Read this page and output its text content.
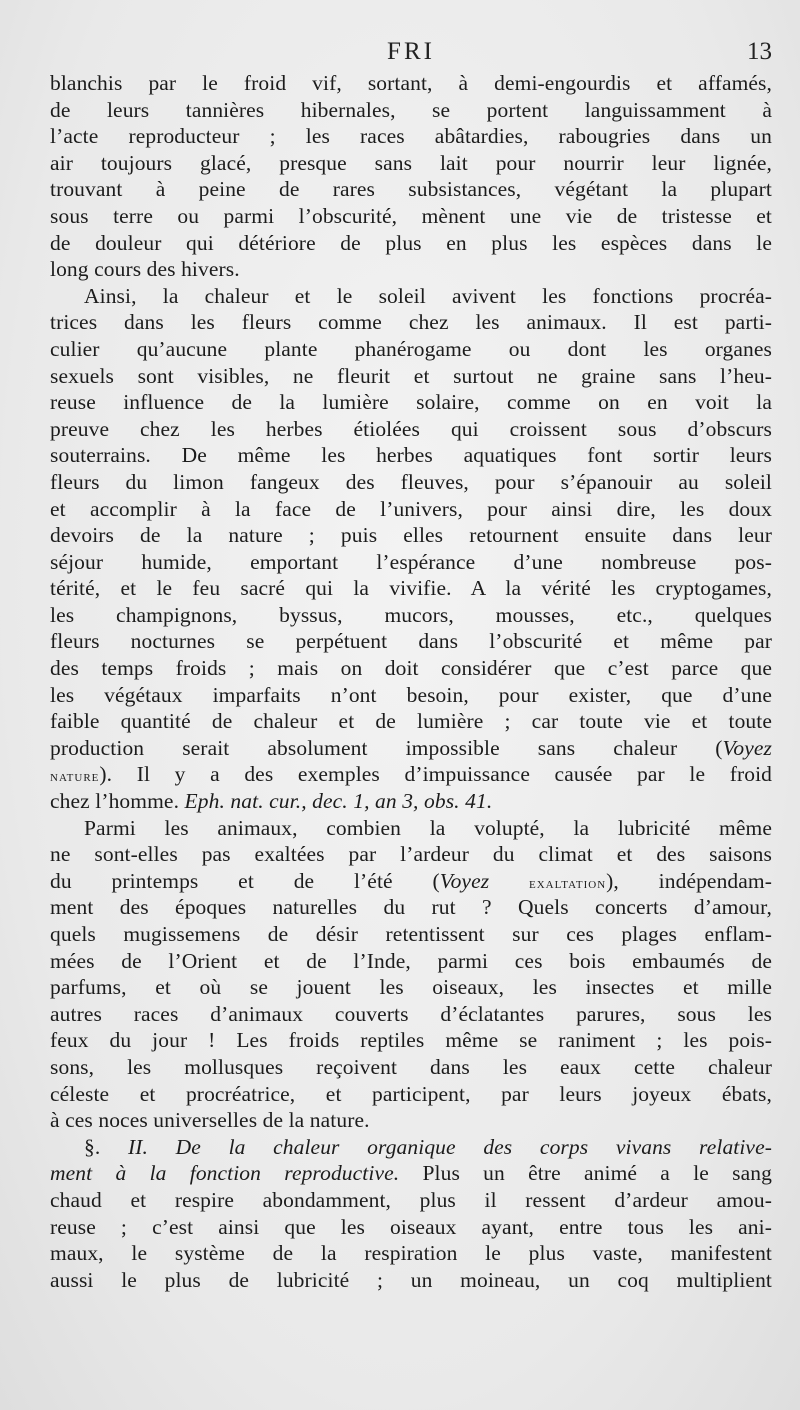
FRI	13
blanchis par le froid vif, sortant, à demi-engourdis et affamés,
de leurs tannières hibernales, se portent languissamment à
l’acte reproducteur ; les races abâtardies, rabougries dans un
air toujours glacé, presque sans lait pour nourrir leur lignée,
trouvant à peine de rares subsistances, végétant la plupart
sous terre ou parmi l’obscurité, mènent une vie de tristesse et
de douleur qui détériore de plus en plus les espèces dans le
long cours des hivers.
Ainsi, la chaleur et le soleil avivent les fonctions procréa-
trices dans les fleurs comme chez les animaux. Il est parti-
culier qu’aucune plante phanérogame ou dont les organes
sexuels sont visibles, ne fleurit et surtout ne graine sans l’heu-
reuse influence de la lumière solaire, comme on en voit la
preuve chez les herbes étiolées qui croissent sous d’obscurs
souterrains. De même les herbes aquatiques font sortir leurs
fleurs du limon fangeux des fleuves, pour s’épanouir au soleil
et accomplir à la face de l’univers, pour ainsi dire, les doux
devoirs de la nature ; puis elles retournent ensuite dans leur
séjour humide, emportant l’espérance d’une nombreuse pos-
térité, et le feu sacré qui la vivifie. A la vérité les cryptogames,
les champignons, byssus, mucors, mousses, etc., quelques
fleurs nocturnes se perpétuent dans l’obscurité et même par
des temps froids ; mais on doit considérer que c’est parce que
les végétaux imparfaits n’ont besoin, pour exister, que d’une
faible quantité de chaleur et de lumière ; car toute vie et toute
production serait absolument impossible sans chaleur (Voyez
nature). Il y a des exemples d’impuissance causée par le froid
chez l’homme. Eph. nat. cur., dec. 1, an 3, obs. 41.
Parmi les animaux, combien la volupté, la lubricité même
ne sont-elles pas exaltées par l’ardeur du climat et des saisons
du printemps et de l’été (Voyez exaltation), indépendam-
ment des époques naturelles du rut ? Quels concerts d’amour,
quels mugissemens de désir retentissent sur ces plages enflam-
mées de l’Orient et de l’Inde, parmi ces bois embaumés de
parfums, et où se jouent les oiseaux, les insectes et mille
autres races d’animaux couverts d’éclatantes parures, sous les
feux du jour ! Les froids reptiles même se raniment ; les pois-
sons, les mollusques reçoivent dans les eaux cette chaleur
céleste et procréatrice, et participent, par leurs joyeux ébats,
à ces noces universelles de la nature.
§. II. De la chaleur organique des corps vivans relative-
ment à la fonction reproductive. Plus un être animé a le sang
chaud et respire abondamment, plus il ressent d’ardeur amou-
reuse ; c’est ainsi que les oiseaux ayant, entre tous les ani-
maux, le système de la respiration le plus vaste, manifestent
aussi le plus de lubricité ; un moineau, un coq multiplient
